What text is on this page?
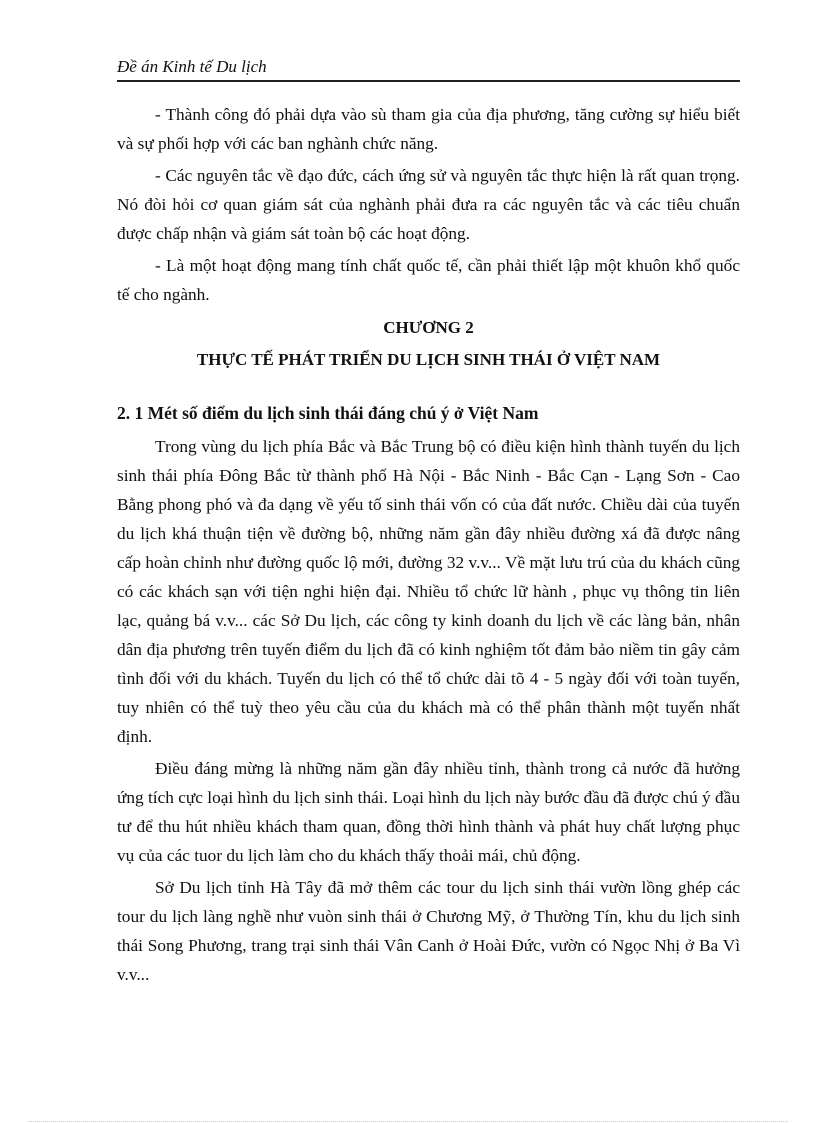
Đề án Kinh tế Du lịch

- Thành công đó phải dựa vào sù tham gia của địa phương, tăng cường sự hiểu biết và sự phối hợp với các ban nghành chức năng.

- Các nguyên tắc về đạo đức, cách ứng sử và nguyên tắc thực hiện là rất quan trọng. Nó đòi hỏi cơ quan giám sát của nghành phải đưa ra các nguyên tắc và các tiêu chuẩn được chấp nhận và giám sát toàn bộ các hoạt động.

- Là một hoạt động mang tính chất quốc tế, cần phải thiết lập một khuôn khổ quốc tế cho ngành.

CHƯƠNG 2
THỰC TẾ PHÁT TRIỂN DU LỊCH SINH THÁI Ở VIỆT NAM
2. 1 Mét số điểm du lịch sinh thái đáng chú ý ở Việt Nam

Trong vùng du lịch phía Bắc và Bắc Trung bộ có điều kiện hình thành tuyến du lịch sinh thái phía Đông Bắc từ thành phố Hà Nội - Bắc Ninh - Bắc Cạn - Lạng Sơn - Cao Bằng phong phó và đa dạng về yếu tố sinh thái vốn có của đất nước. Chiều dài của tuyến du lịch khá thuận tiện về đường bộ, những năm gần đây nhiều đường xá đã được nâng cấp hoàn chỉnh như đường quốc lộ mới, đường 32 v.v... Về mặt lưu trú của du khách cũng có các khách sạn với tiện nghi hiện đại. Nhiều tổ chức lữ hành , phục vụ thông tin liên lạc, quảng bá v.v... các Sở Du lịch, các công ty kinh doanh du lịch về các làng bản, nhân dân địa phương trên tuyến điểm du lịch đã có kinh nghiệm tốt đảm bảo niềm tin gây cảm tình đối với du khách. Tuyến du lịch có thể tổ chức dài tõ 4 - 5 ngày đối với toàn tuyến, tuy nhiên có thể tuỳ theo yêu cầu của du khách mà có thể phân thành một tuyến nhất định.

Điều đáng mừng là những năm gần đây nhiều tỉnh, thành trong cả nước đã hưởng ứng tích cực loại hình du lịch sinh thái. Loại hình du lịch này bước đầu đã được chú ý đầu tư để thu hút nhiều khách tham quan, đồng thời hình thành và phát huy chất lượng phục vụ của các tuor du lịch làm cho du khách thấy thoải mái, chủ động.

Sở Du lịch tỉnh Hà Tây đã mở thêm các tour du lịch sinh thái vườn lồng ghép các tour du lịch làng nghề như vuòn sinh thái ở Chương Mỹ, ở Thường Tín, khu du lịch sinh thái Song Phương, trang trại sinh thái Vân Canh ở Hoài Đức, vườn có Ngọc Nhị ở Ba Vì v.v...
